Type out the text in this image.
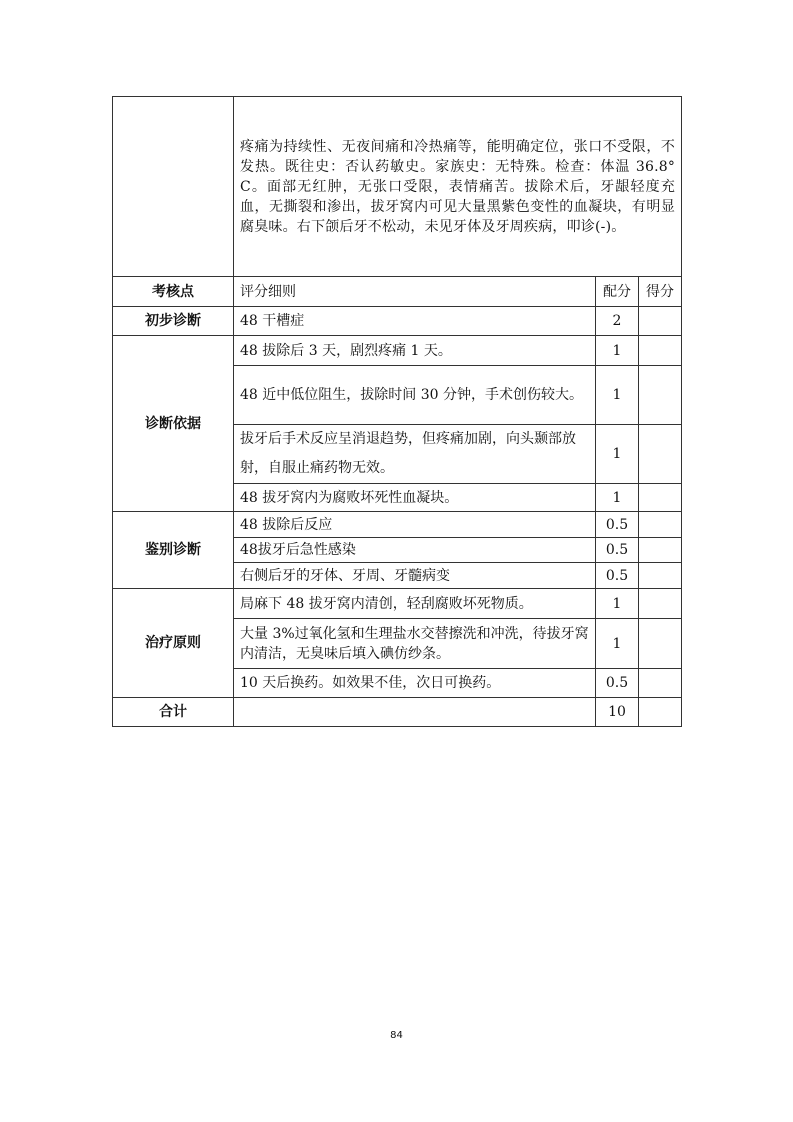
	疼痛为持续性、无夜间痛和冷热痛等，能明确定位，张口不受限，不发热。既往史：否认药敏史。家族史：无特殊。检查：体温 36.8° C。面部无红肿，无张口受限，表情痛苦。拔除术后，牙龈轻度充血，无撕裂和渗出，拔牙窝内可见大量黑紫色变性的血凝块，有明显腐臭味。右下颌后牙不松动，未见牙体及牙周疾病，叩诊(-)。		
考核点	评分细则	配分	得分
初步诊断	48 干槽症	2	
诊断依据	48 拔除后 3 天，剧烈疼痛 1 天。	1	
	48 近中低位阻生，拔除时间 30 分钟，手术创伤较大。	1	
	拔牙后手术反应呈消退趋势，但疼痛加剧，向头颞部放射，自服止痛药物无效。	1	
	48 拔牙窝内为腐败坏死性血凝块。	1	
鉴别诊断	48 拔除后反应	0.5	
	48拔牙后急性感染	0.5	
	右侧后牙的牙体、牙周、牙髓病变	0.5	
治疗原则	局麻下 48 拔牙窝内清创，轻刮腐败坏死物质。	1	
	大量 3%过氧化氢和生理盐水交替擦洗和冲洗，待拔牙窝内清洁，无臭味后填入碘仿纱条。	1	
	10 天后换药。如效果不佳，次日可换药。	0.5	
合计		10	
84
